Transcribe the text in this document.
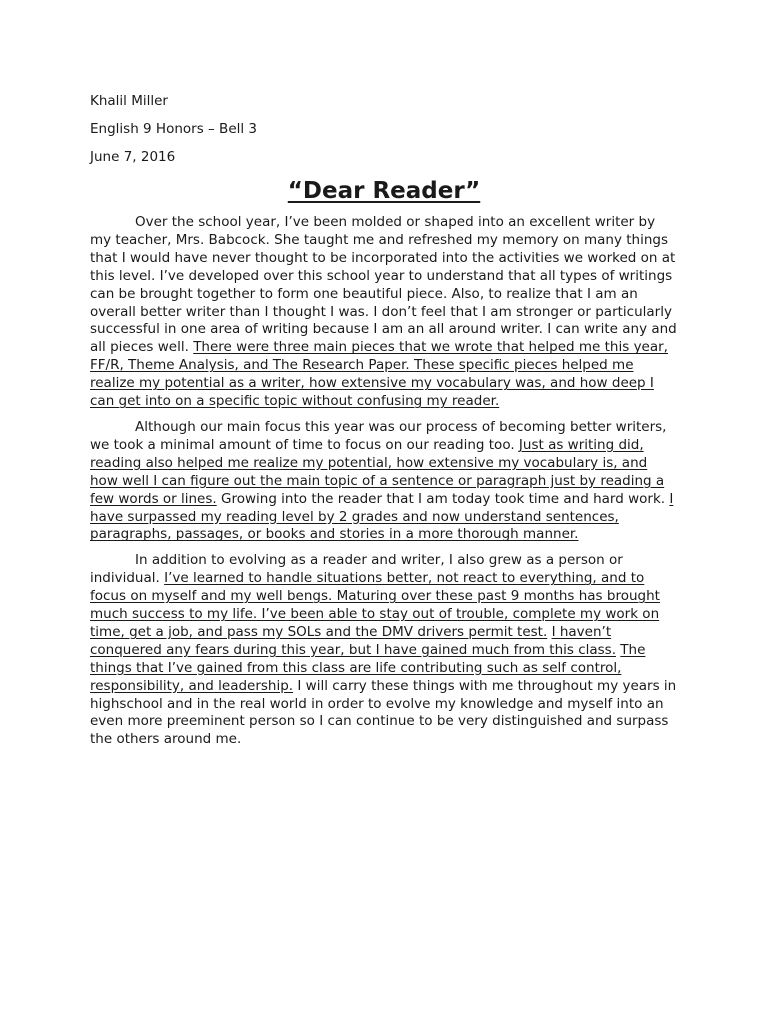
Khalil Miller
English 9 Honors – Bell 3
June 7, 2016
“Dear Reader”

Over the school year, I’ve been molded or shaped into an excellent writer by my teacher, Mrs. Babcock. She taught me and refreshed my memory on many things that I would have never thought to be incorporated into the activities we worked on at this level. I’ve developed over this school year to understand that all types of writings can be brought together to form one beautiful piece. Also, to realize that I am an overall better writer than I thought I was. I don’t feel that I am stronger or particularly successful in one area of writing because I am an all around writer. I can write any and all pieces well. There were three main pieces that we wrote that helped me this year, FF/R, Theme Analysis, and The Research Paper. These specific pieces helped me realize my potential as a writer, how extensive my vocabulary was, and how deep I can get into on a specific topic without confusing my reader.

Although our main focus this year was our process of becoming better writers, we took a minimal amount of time to focus on our reading too. Just as writing did, reading also helped me realize my potential, how extensive my vocabulary is, and how well I can figure out the main topic of a sentence or paragraph just by reading a few words or lines. Growing into the reader that I am today took time and hard work. I have surpassed my reading level by 2 grades and now understand sentences, paragraphs, passages, or books and stories in a more thorough manner.

In addition to evolving as a reader and writer, I also grew as a person or individual. I’ve learned to handle situations better, not react to everything, and to focus on myself and my well bengs. Maturing over these past 9 months has brought much success to my life. I’ve been able to stay out of trouble, complete my work on time, get a job, and pass my SOLs and the DMV drivers permit test. I haven’t conquered any fears during this year, but I have gained much from this class. The things that I’ve gained from this class are life contributing such as self control, responsibility, and leadership. I will carry these things with me throughout my years in highschool and in the real world in order to evolve my knowledge and myself into an even more preeminent person so I can continue to be very distinguished and surpass the others around me.
